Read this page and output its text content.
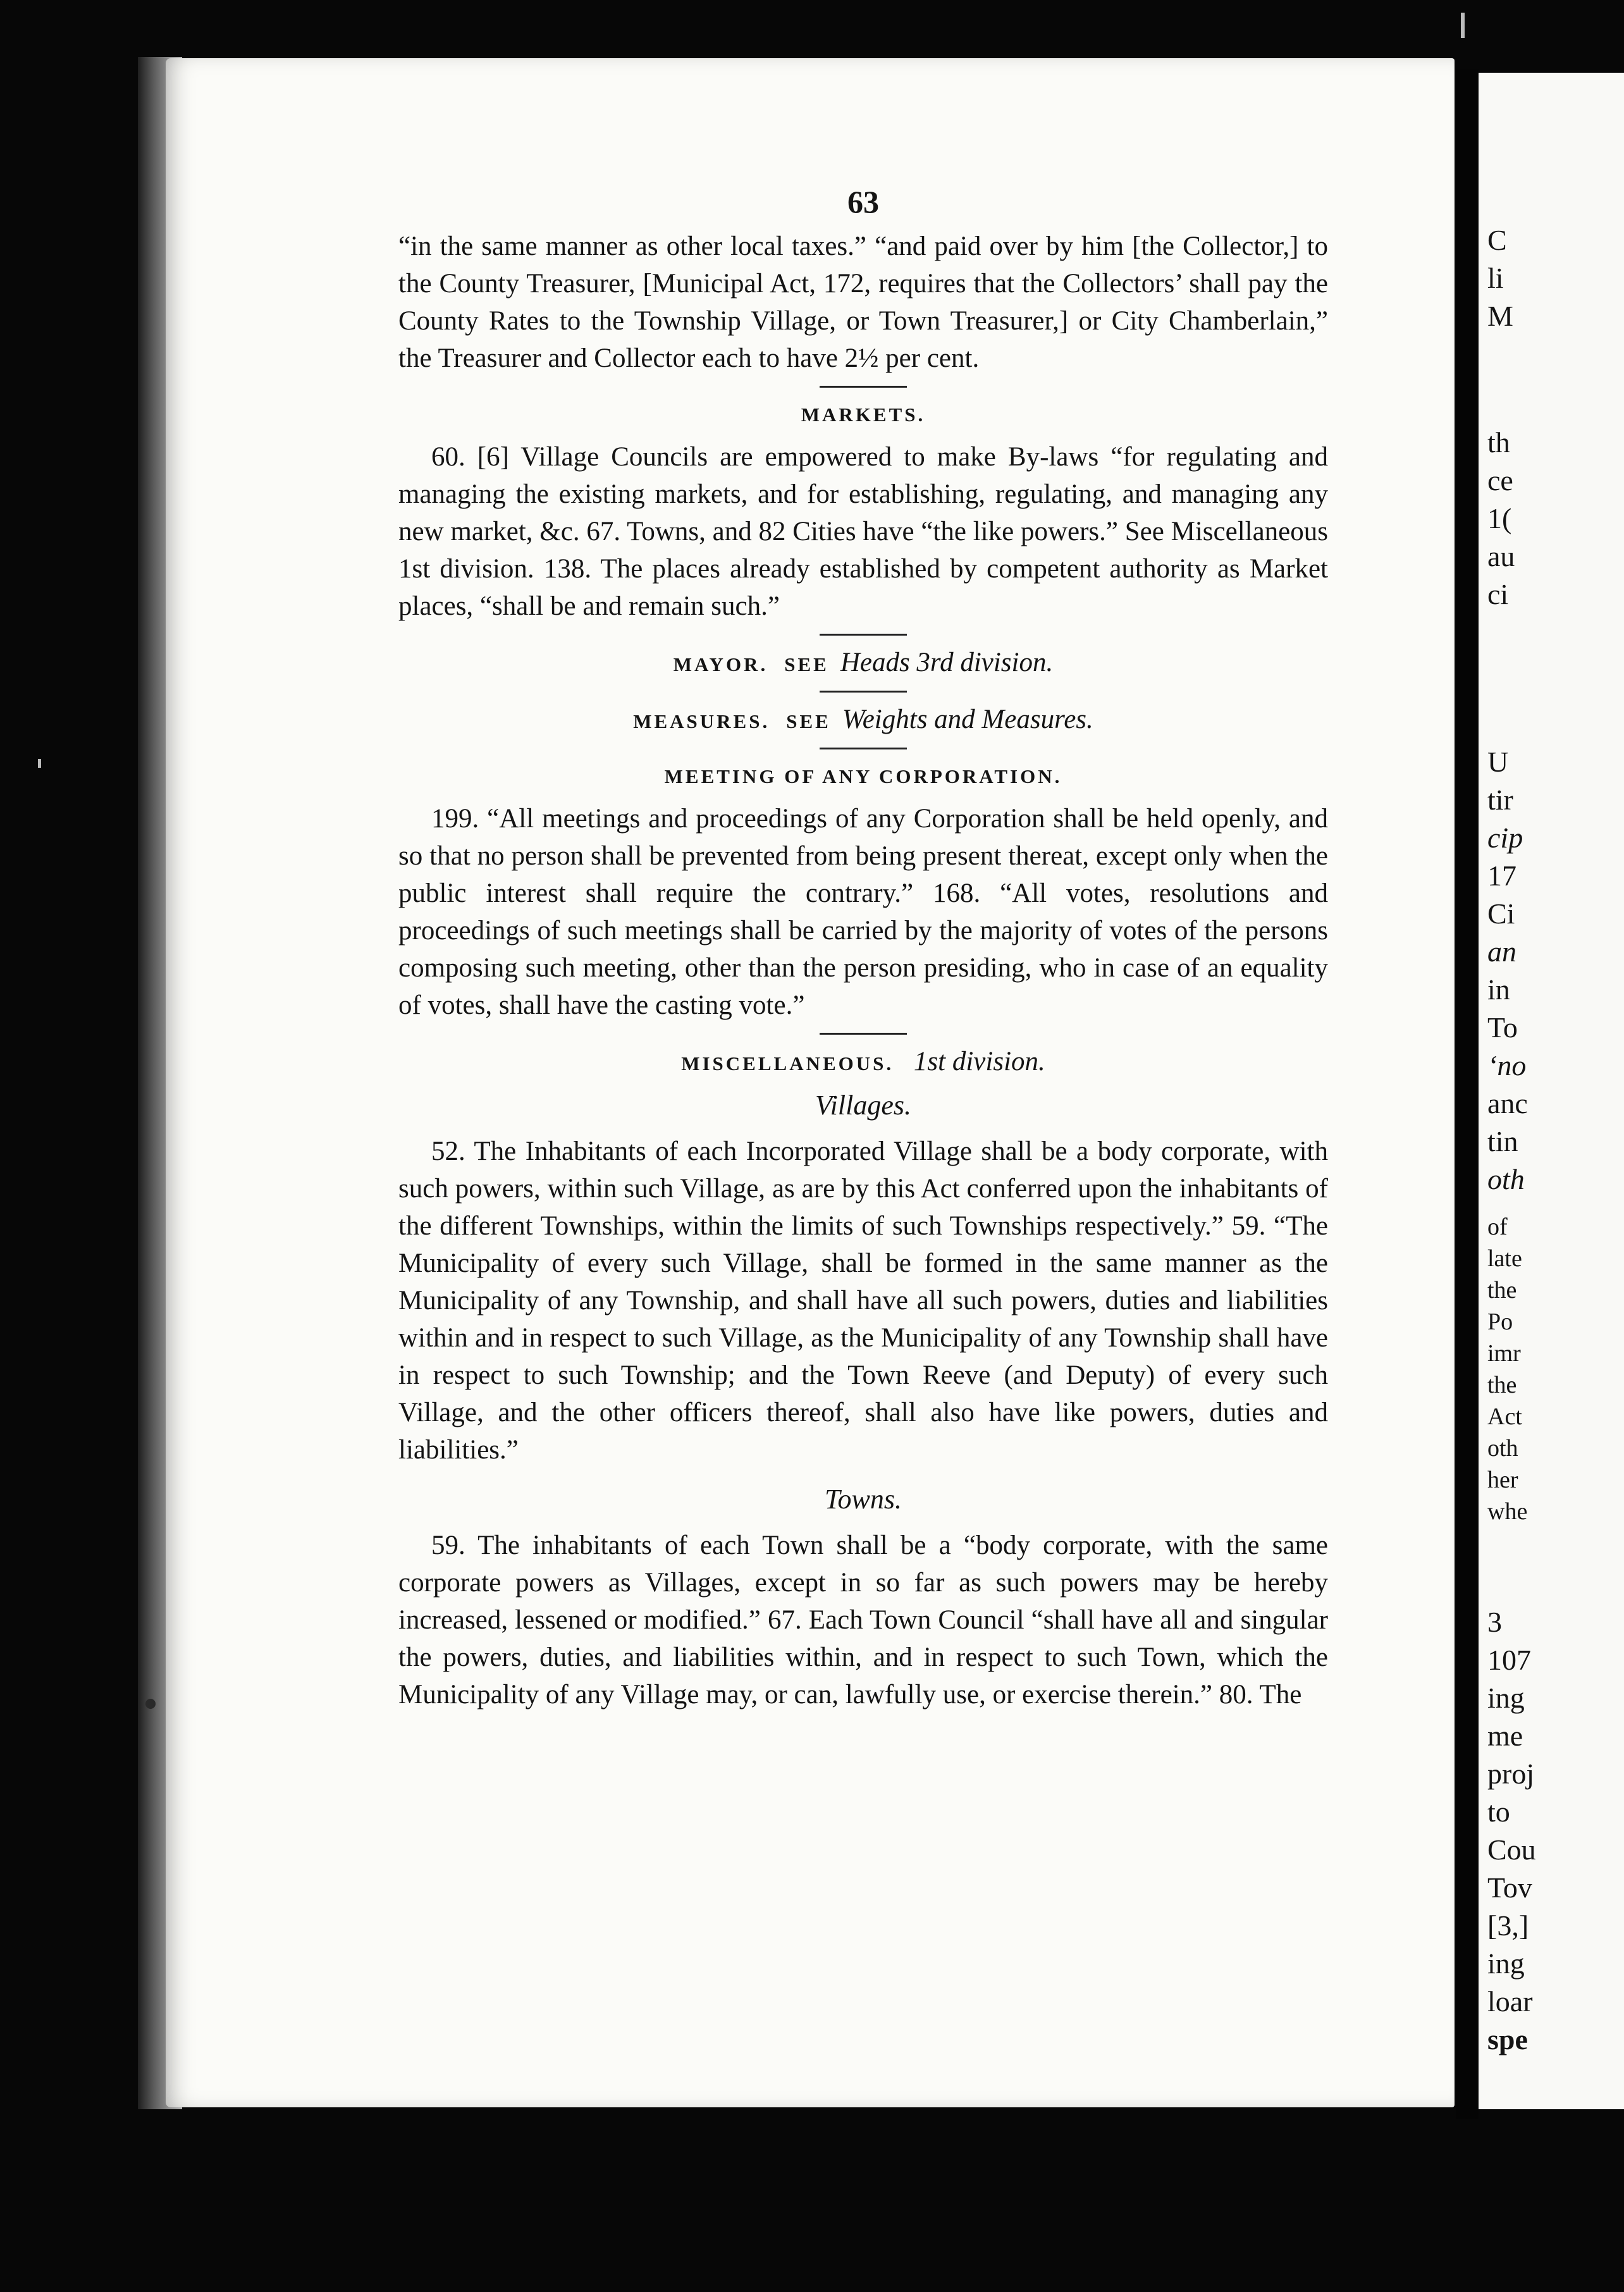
C
li
M
th
ce
1(
au
ci
U
tir
cip
17
Ci
an
in
To
‘no
anc
tin
oth
of
late
the
Po
imr
the
Act
oth
her
whe
3
107
ing
me
proj
to
Cou
Tov
[3,]
ing
loar
spe
63

“in the same manner as other local taxes.” “and paid over by him [the Collector,] to the County Treasurer, [Municipal Act, 172, requires that the Collectors’ shall pay the County Rates to the Township Village, or Town Treasurer,] or City Chamberlain,” the Treasurer and Collector each to have 2½ per cent.

MARKETS.

60. [6] Village Councils are empowered to make By-laws “for regulating and managing the existing markets, and for establishing, regulating, and managing any new market, &c. 67. Towns, and 82 Cities have “the like powers.” See Miscellaneous 1st division. 138. The places already established by competent authority as Market places, “shall be and remain such.”

MAYOR. SEE Heads 3rd division.
MEASURES. SEE Weights and Measures.
MEETING OF ANY CORPORATION.

199. “All meetings and proceedings of any Corporation shall be held openly, and so that no person shall be prevented from being present thereat, except only when the public interest shall require the contrary.” 168. “All votes, resolutions and proceedings of such meetings shall be carried by the majority of votes of the persons composing such meeting, other than the person presiding, who in case of an equality of votes, shall have the casting vote.”

MISCELLANEOUS. 1st division.
Villages.

52. The Inhabitants of each Incorporated Village shall be a body corporate, with such powers, within such Village, as are by this Act conferred upon the inhabitants of the different Townships, within the limits of such Townships respectively.” 59. “The Municipality of every such Village, shall be formed in the same manner as the Municipality of any Township, and shall have all such powers, duties and liabilities within and in respect to such Village, as the Municipality of any Township shall have in respect to such Township; and the Town Reeve (and Deputy) of every such Village, and the other officers thereof, shall also have like powers, duties and liabilities.”

Towns.

59. The inhabitants of each Town shall be a “body corporate, with the same corporate powers as Villages, except in so far as such powers may be hereby increased, lessened or modified.” 67. Each Town Council “shall have all and singular the powers, duties, and liabilities within, and in respect to such Town, which the Municipality of any Village may, or can, lawfully use, or exercise therein.” 80. The
